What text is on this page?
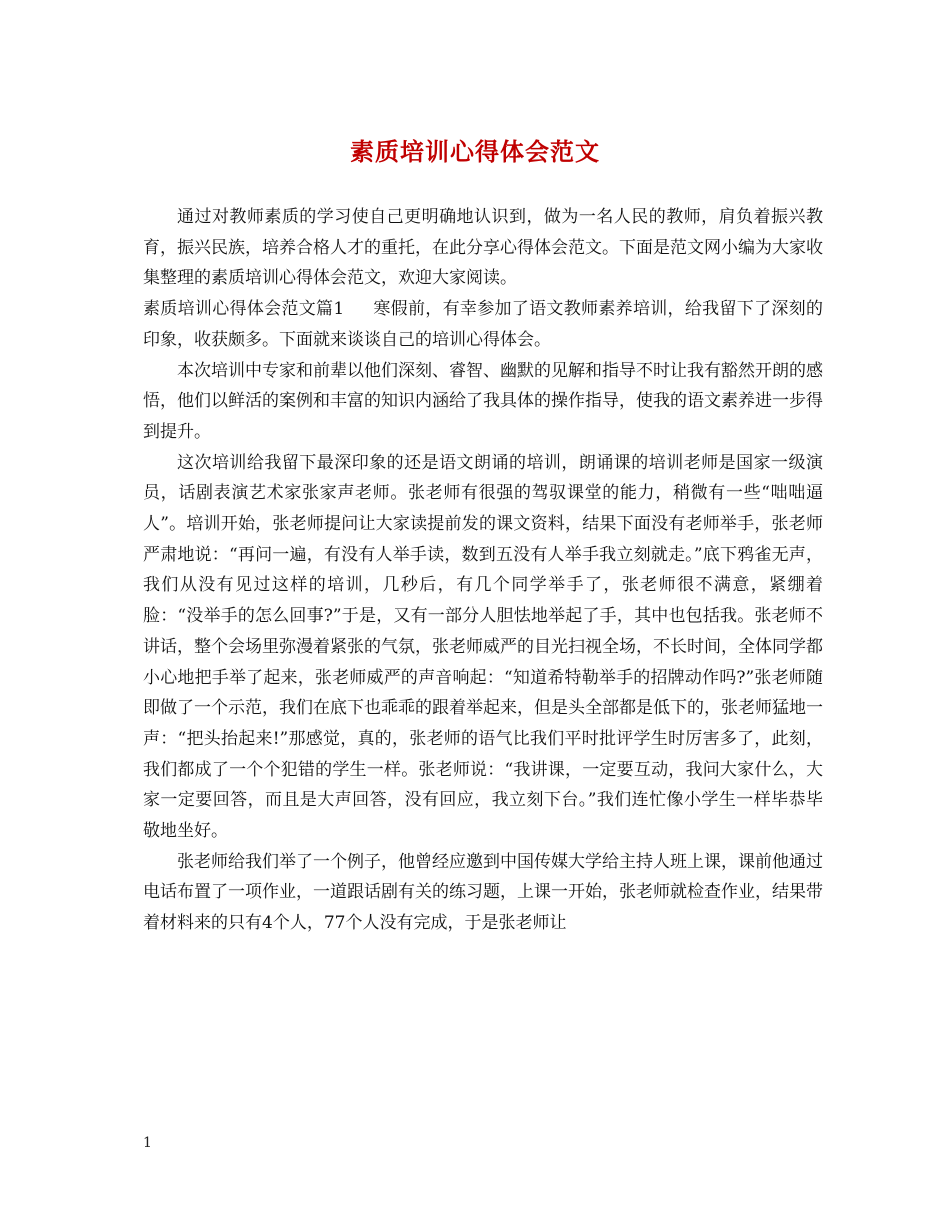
素质培训心得体会范文

通过对教师素质的学习使自己更明确地认识到，做为一名人民的教师，肩负着振兴教育，振兴民族，培养合格人才的重托，在此分享心得体会范文。下面是范文网小编为大家收集整理的素质培训心得体会范文，欢迎大家阅读。

素质培训心得体会范文篇1 寒假前，有幸参加了语文教师素养培训，给我留下了深刻的印象，收获颇多。下面就来谈谈自己的培训心得体会。

本次培训中专家和前辈以他们深刻、睿智、幽默的见解和指导不时让我有豁然开朗的感悟，他们以鲜活的案例和丰富的知识内涵给了我具体的操作指导，使我的语文素养进一步得到提升。

这次培训给我留下最深印象的还是语文朗诵的培训，朗诵课的培训老师是国家一级演员，话剧表演艺术家张家声老师。张老师有很强的驾驭课堂的能力，稍微有一些“咄咄逼人”。培训开始，张老师提问让大家读提前发的课文资料，结果下面没有老师举手，张老师严肃地说：“再问一遍，有没有人举手读，数到五没有人举手我立刻就走。”底下鸦雀无声，我们从没有见过这样的培训，几秒后，有几个同学举手了，张老师很不满意，紧绷着脸：“没举手的怎么回事?”于是，又有一部分人胆怯地举起了手，其中也包括我。张老师不讲话，整个会场里弥漫着紧张的气氛，张老师威严的目光扫视全场，不长时间，全体同学都小心地把手举了起来，张老师威严的声音响起：“知道希特勒举手的招牌动作吗?”张老师随即做了一个示范，我们在底下也乖乖的跟着举起来，但是头全部都是低下的，张老师猛地一声：“把头抬起来!”那感觉，真的，张老师的语气比我们平时批评学生时厉害多了，此刻，我们都成了一个个犯错的学生一样。张老师说：“我讲课，一定要互动，我问大家什么，大家一定要回答，而且是大声回答，没有回应，我立刻下台。”我们连忙像小学生一样毕恭毕敬地坐好。

张老师给我们举了一个例子，他曾经应邀到中国传媒大学给主持人班上课，课前他通过电话布置了一项作业，一道跟话剧有关的练习题，上课一开始，张老师就检查作业，结果带着材料来的只有4个人，77个人没有完成，于是张老师让

1
